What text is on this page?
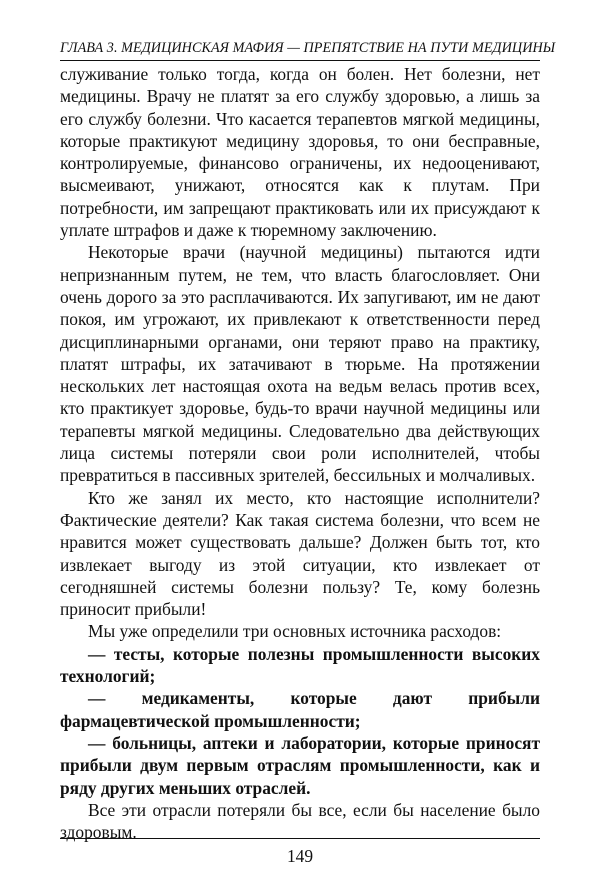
ГЛАВА 3. МЕДИЦИНСКАЯ МАФИЯ — ПРЕПЯТСТВИЕ НА ПУТИ МЕДИЦИНЫ

служивание только тогда, когда он болен. Нет болезни, нет медицины. Врачу не платят за его службу здоровью, а лишь за его службу болезни. Что касается терапевтов мягкой медицины, которые практикуют медицину здоровья, то они бесправные, контролируемые, финансово ограничены, их недооценивают, высмеивают, унижают, относятся как к плутам. При потребности, им запрещают практиковать или их присуждают к уплате штрафов и даже к тюремному заключению.

Некоторые врачи (научной медицины) пытаются идти непризнанным путем, не тем, что власть благословляет. Они очень дорого за это расплачиваются. Их запугивают, им не дают покоя, им угрожают, их привлекают к ответственности перед дисциплинарными органами, они теряют право на практику, платят штрафы, их затачивают в тюрьме. На протяжении нескольких лет настоящая охота на ведьм велась против всех, кто практикует здоровье, будь-то врачи научной медицины или терапевты мягкой медицины. Следовательно два действующих лица системы потеряли свои роли исполнителей, чтобы превратиться в пассивных зрителей, бессильных и молчаливых.

Кто же занял их место, кто настоящие исполнители? Фактические деятели? Как такая система болезни, что всем не нравится может существовать дальше? Должен быть тот, кто извлекает выгоду из этой ситуации, кто извлекает от сегодняшней системы болезни пользу? Те, кому болезнь приносит прибыли!

Мы уже определили три основных источника расходов:

— тесты, которые полезны промышленности высоких технологий;

— медикаменты, которые дают прибыли фармацевтической промышленности;

— больницы, аптеки и лаборатории, которые приносят прибыли двум первым отраслям промышленности, как и ряду других меньших отраслей.

Все эти отрасли потеряли бы все, если бы население было здоровым.

149
